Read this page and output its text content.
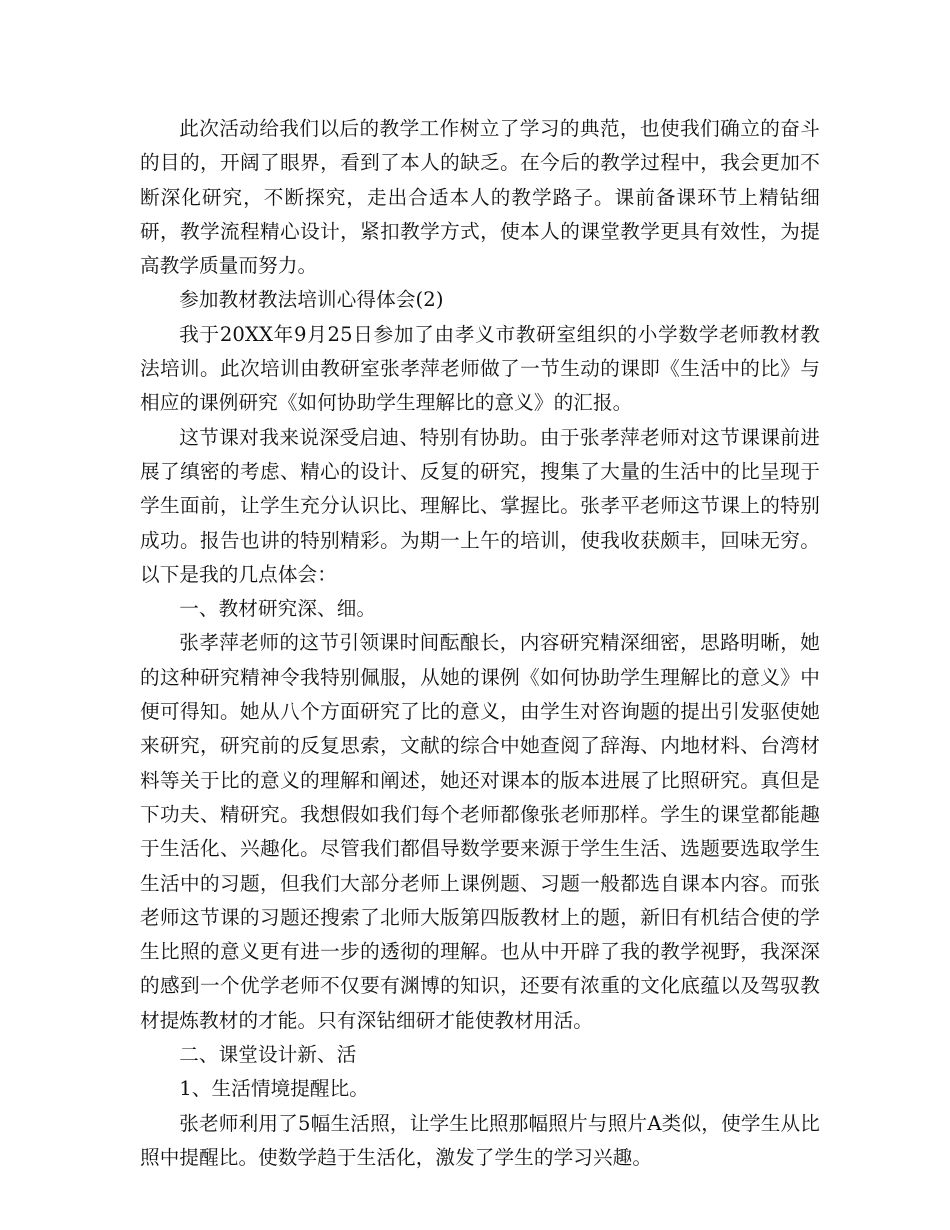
此次活动给我们以后的教学工作树立了学习的典范，也使我们确立的奋斗的目的，开阔了眼界，看到了本人的缺乏。在今后的教学过程中，我会更加不断深化研究，不断探究，走出合适本人的教学路子。课前备课环节上精钻细研，教学流程精心设计，紧扣教学方式，使本人的课堂教学更具有效性，为提高教学质量而努力。

参加教材教法培训心得体会(2)

我于20XX年9月25日参加了由孝义市教研室组织的小学数学老师教材教法培训。此次培训由教研室张孝萍老师做了一节生动的课即《生活中的比》与相应的课例研究《如何协助学生理解比的意义》的汇报。

这节课对我来说深受启迪、特别有协助。由于张孝萍老师对这节课课前进展了缜密的考虑、精心的设计、反复的研究，搜集了大量的生活中的比呈现于学生面前，让学生充分认识比、理解比、掌握比。张孝平老师这节课上的特别成功。报告也讲的特别精彩。为期一上午的培训，使我收获颇丰，回味无穷。以下是我的几点体会：

一、教材研究深、细。

张孝萍老师的这节引领课时间酝酿长，内容研究精深细密，思路明晰，她的这种研究精神令我特别佩服，从她的课例《如何协助学生理解比的意义》中便可得知。她从八个方面研究了比的意义，由学生对咨询题的提出引发驱使她来研究，研究前的反复思索，文献的综合中她查阅了辞海、内地材料、台湾材料等关于比的意义的理解和阐述，她还对课本的版本进展了比照研究。真但是下功夫、精研究。我想假如我们每个老师都像张老师那样。学生的课堂都能趣于生活化、兴趣化。尽管我们都倡导数学要来源于学生生活、选题要选取学生生活中的习题，但我们大部分老师上课例题、习题一般都选自课本内容。而张老师这节课的习题还搜索了北师大版第四版教材上的题，新旧有机结合使的学生比照的意义更有进一步的透彻的理解。也从中开辟了我的教学视野，我深深的感到一个优学老师不仅要有渊博的知识，还要有浓重的文化底蕴以及驾驭教材提炼教材的才能。只有深钻细研才能使教材用活。

二、课堂设计新、活

1、生活情境提醒比。

张老师利用了5幅生活照，让学生比照那幅照片与照片A类似，使学生从比照中提醒比。使数学趋于生活化，激发了学生的学习兴趣。
